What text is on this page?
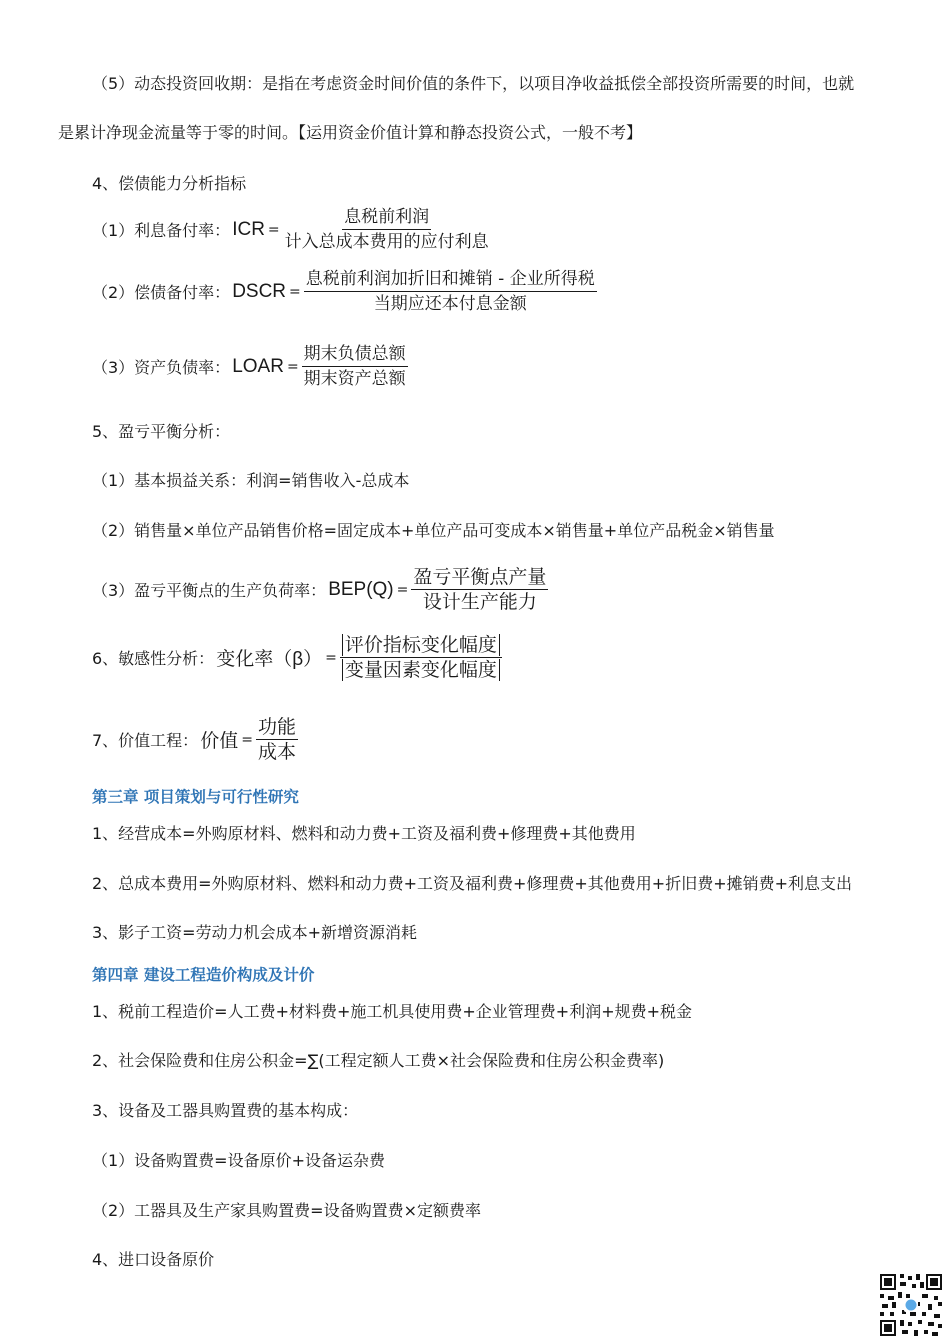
（5）动态投资回收期：是指在考虑资金时间价值的条件下，以项目净收益抵偿全部投资所需要的时间，也就
是累计净现金流量等于零的时间。【运用资金价值计算和静态投资公式，一般不考】
4、偿债能力分析指标
（1）利息备付率： ICR = $\frac{\text{息税前利润}}{\text{计入总成本费用的应付利息}}$
（2）偿债备付率： DSCR = $\frac{\text{息税前利润加折旧和摊销 - 企业所得税}}{\text{当期应还本付息金额}}$
（3）资产负债率： LOAR = $\frac{\text{期末负债总额}}{\text{期末资产总额}}$
5、盈亏平衡分析：
（1）基本损益关系：利润=销售收入-总成本
（2）销售量×单位产品销售价格=固定成本+单位产品可变成本×销售量+单位产品税金×销售量
（3）盈亏平衡点的生产负荷率： $BEP(Q) = \frac{\text{盈亏平衡点产量}}{\text{设计生产能力}}$
6、敏感性分析： 变化率$(\beta) = \frac{\text{评价指标变化幅度}}{\text{变量因素变化幅度}}$
7、价值工程： 价值 = $\frac{\text{功能}}{\text{成本}}$
第三章 项目策划与可行性研究
1、经营成本=外购原材料、燃料和动力费+工资及福利费+修理费+其他费用
2、总成本费用=外购原材料、燃料和动力费+工资及福利费+修理费+其他费用+折旧费+摊销费+利息支出
3、影子工资=劳动力机会成本+新增资源消耗
第四章 建设工程造价构成及计价
1、税前工程造价=人工费+材料费+施工机具使用费+企业管理费+利润+规费+税金
2、社会保险费和住房公积金=∑(工程定额人工费×社会保险费和住房公积金费率)
3、设备及工器具购置费的基本构成：
（1）设备购置费=设备原价+设备运杂费
（2）工器具及生产家具购置费=设备购置费×定额费率
4、进口设备原价
